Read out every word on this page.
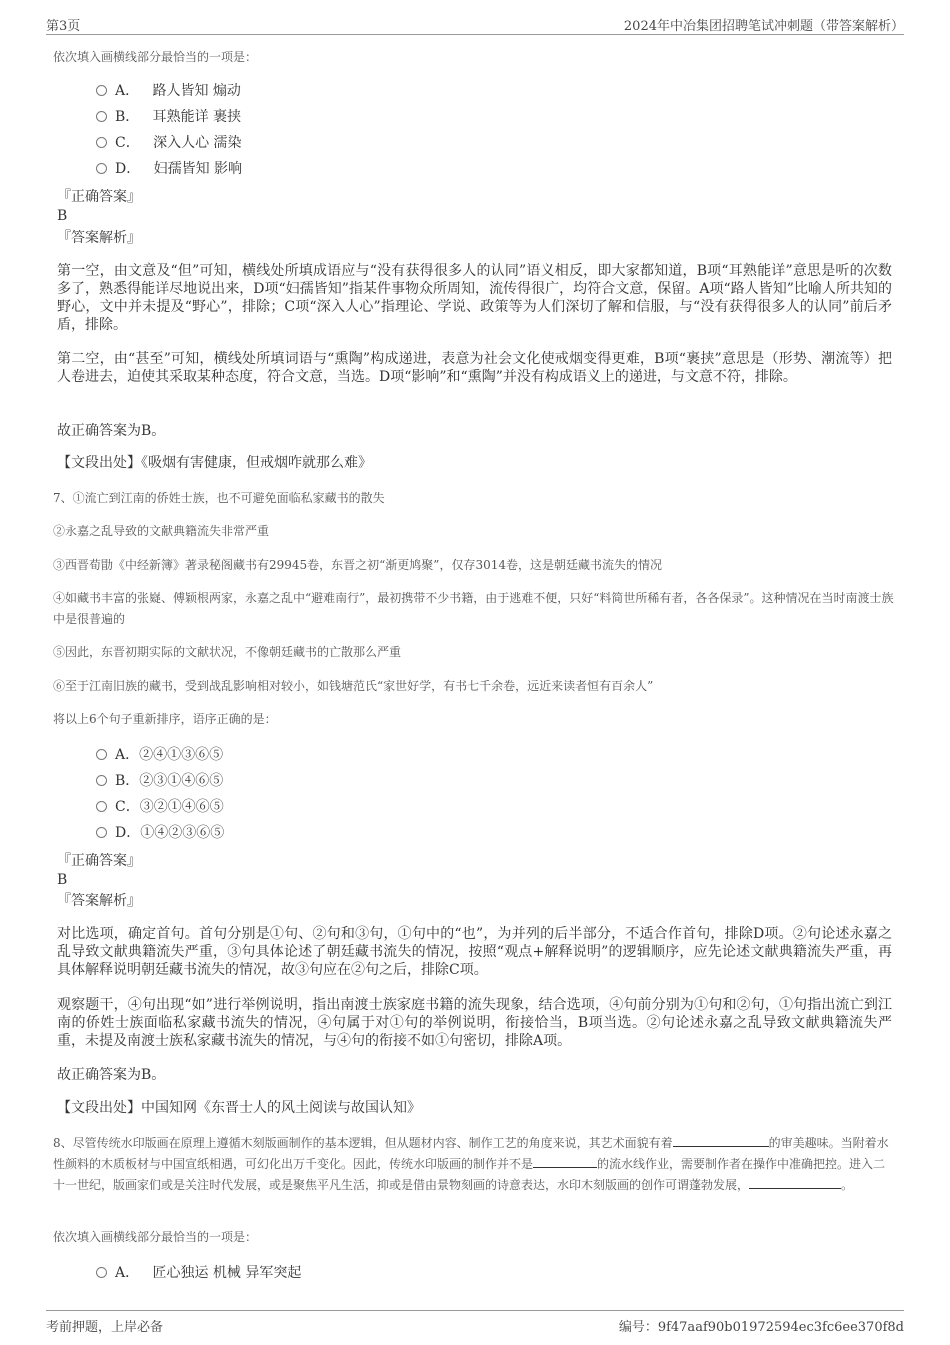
第3页	2024年中冶集团招聘笔试冲刺题（带答案解析）

依次填入画横线部分最恰当的一项是：

A． 路人皆知 煽动
B． 耳熟能详 裹挟
C． 深入人心 濡染
D． 妇孺皆知 影响

『正确答案』

B

『答案解析』

第一空，由文意及“但”可知，横线处所填成语应与“没有获得很多人的认同”语义相反，即大家都知道，B项“耳熟能详”意思是听的次数多了，熟悉得能详尽地说出来，D项“妇孺皆知”指某件事物众所周知，流传得很广，均符合文意，保留。A项“路人皆知”比喻人所共知的野心，文中并未提及“野心”，排除；C项“深入人心”指理论、学说、政策等为人们深切了解和信服，与“没有获得很多人的认同”前后矛盾，排除。

第二空，由“甚至”可知，横线处所填词语与“熏陶”构成递进，表意为社会文化使戒烟变得更难，B项“裹挟”意思是（形势、潮流等）把人卷进去，迫使其采取某种态度，符合文意，当选。D项“影响”和“熏陶”并没有构成语义上的递进，与文意不符，排除。

故正确答案为B。

【文段出处】《吸烟有害健康，但戒烟咋就那么难》

7、①流亡到江南的侨姓士族，也不可避免面临私家藏书的散失

②永嘉之乱导致的文献典籍流失非常严重

③西晋荀勖《中经新簿》著录秘阁藏书有29945卷，东晋之初“渐更鸠聚”，仅存3014卷，这是朝廷藏书流失的情况

④如藏书丰富的张嶷、傅颖根两家，永嘉之乱中“避难南行”，最初携带不少书籍，由于逃难不便，只好“料简世所稀有者，各各保录”。这种情况在当时南渡士族中是很普遍的

⑤因此，东晋初期实际的文献状况，不像朝廷藏书的亡散那么严重

⑥至于江南旧族的藏书，受到战乱影响相对较小，如钱塘范氏“家世好学，有书七千余卷，远近来读者恒有百余人”

将以上6个句子重新排序，语序正确的是：

A．②④①③⑥⑤
B．②③①④⑥⑤
C．③②①④⑥⑤
D．①④②③⑥⑤

『正确答案』

B

『答案解析』

对比选项，确定首句。首句分别是①句、②句和③句，①句中的“也”，为并列的后半部分，不适合作首句，排除D项。②句论述永嘉之乱导致文献典籍流失严重，③句具体论述了朝廷藏书流失的情况，按照“观点+解释说明”的逻辑顺序，应先论述文献典籍流失严重，再具体解释说明朝廷藏书流失的情况，故③句应在②句之后，排除C项。

观察题干，④句出现“如”进行举例说明，指出南渡士族家庭书籍的流失现象，结合选项，④句前分别为①句和②句，①句指出流亡到江南的侨姓士族面临私家藏书流失的情况，④句属于对①句的举例说明，衔接恰当，B项当选。②句论述永嘉之乱导致文献典籍流失严重，未提及南渡士族私家藏书流失的情况，与④句的衔接不如①句密切，排除A项。

故正确答案为B。

【文段出处】中国知网《东晋士人的风土阅读与故国认知》

8、尽管传统水印版画在原理上遵循木刻版画制作的基本逻辑，但从题材内容、制作工艺的角度来说，其艺术面貌有着	的审美趣味。当附着水性颜料的木质板材与中国宣纸相遇，可幻化出万千变化。因此，传统水印版画的制作并不是	的流水线作业，需要制作者在操作中准确把控。进入二十一世纪，版画家们或是关注时代发展，或是聚焦平凡生活，抑或是借由景物刻画的诗意表达，水印木刻版画的创作可谓蓬勃发展，	。

依次填入画横线部分最恰当的一项是：

A． 匠心独运 机械 异军突起
考前押题，上岸必备	编号：9f47aaf90b01972594ec3fc6ee370f8d
